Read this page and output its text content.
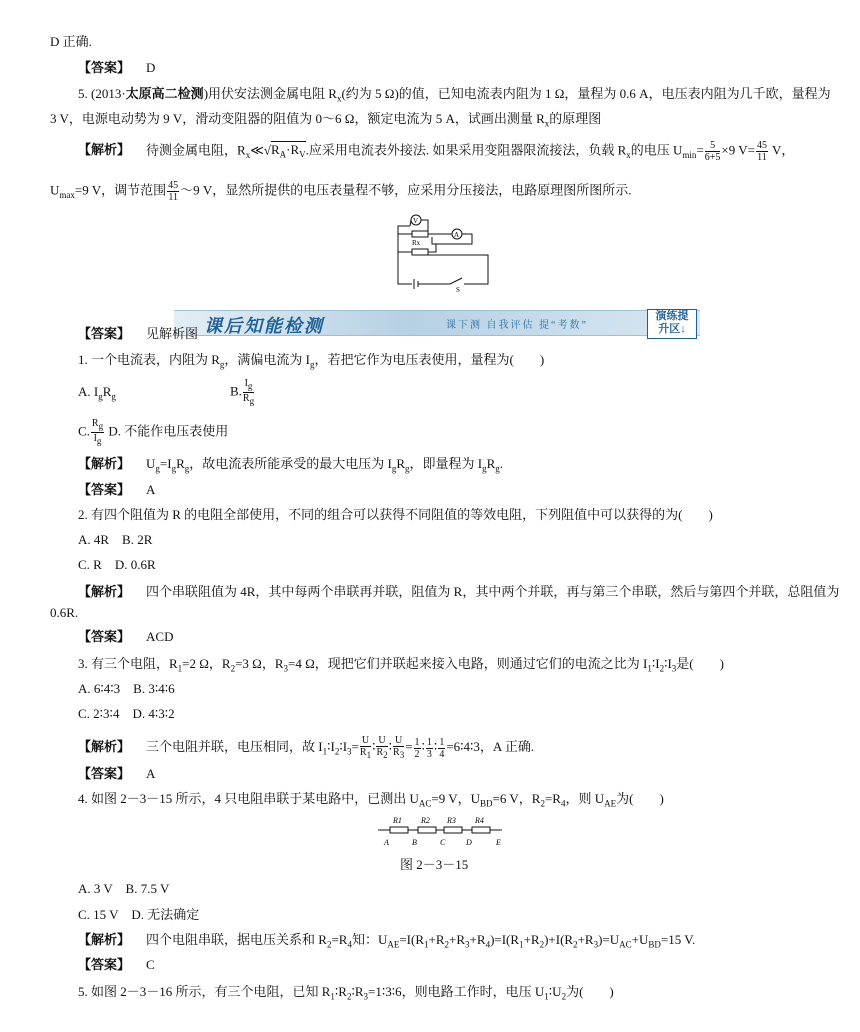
D 正确.
【答案】 D
5. (2013·太原高二检测)用伏安法测金属电阻 $R_x$(约为 5 Ω)的值，已知电流表内阻为 1 Ω，量程为 0.6 A，电压表内阻为几千欧，量程为
3 V，电源电动势为 9 V，滑动变阻器的阻值为 0～6 Ω，额定电流为 5 A，试画出测量 $R_x$的原理图
【解析】 待测金属电阻，$R_x≪√R_A\cdot R_V$.应采用电流表外接法. 如果采用变阻器限流接法，负载 $R_x$的电压 $U_{min}= \frac{5}{6+5} \times 9$ $V= \frac{45}{11}$ V，
$U_{max}=9$ V，调节范围 $\frac{45}{11}$ ～9 V，显然所提供的电压表量程不够，应采用分压接法，电路原理图所图所示.
V
A
Rx
S
课后知能检测	课下测 自我评估 提“考数”
演练提
升区↓
【答案】 见解析图
1. 一个电流表，内阻为 $R_g$，满偏电流为 $I_g$，若把它作为电压表使用，量程为(　　)
A. $I_gR_g$	B. $\frac{I_g}{R_g}$
C. $\frac{R_g}{I_g} D$. 不能作电压表使用
【解析】 $U_g=I_gR_g$，故电流表所能承受的最大电压为 $I_gR_g$，即量程为 $I_gR_g$.
【答案】 A
2. 有四个阻值为 R 的电阻全部使用，不同的组合可以获得不同阻值的等效电阻，下列阻值中可以获得的为(　　)
A. 4R　B. 2R
C. R　D. 0.6R
【解析】 四个串联阻值为 4R，其中每两个串联再并联，阻值为 R，其中两个并联，再与第三个串联，然后与第四个并联，总阻值为
0.6R.
【答案】 ACD
3. 有三个电阻，$R_1=2$ Ω，$R_2=3$ Ω，$R_3=4$ Ω，现把它们并联起来接入电路，则通过它们的电流之比为 $I_1∶I_2∶I_3$是(　　)
A. 6∶4∶3　B. 3∶4∶6
C. 2∶3∶4　D. 4∶3∶2
【解析】 三个电阻并联，电压相同，故 $I_1∶I_2∶I_3= \frac{U}{R_1}$ ∶ $\frac{U}{R_2}$ ∶ $\frac{U}{R_3} = \frac{1}{2}$ ∶ $\frac{1}{3}$ ∶ $\frac{1}{4}$ =6∶4∶3，A 正确.
【答案】 A
4. 如图 2－3－15 所示，4 只电阻串联于某电路中，已测出 $U_{AC}=9$ V，$U_{BD}=6$ V，$R_2=R_4$，则 $U_{AE}$为(　　)
R1 R2 R3 R4
A	B	C	D	E
图 2－3－15
A. 3 V　B. 7.5 V
C. 15 V　D. 无法确定
【解析】 四个电阻串联，据电压关系和 $R_2=R_4$知：$U_{AE}=I(R_1+R_2+R_3+R_4)=I(R_1+R_2)+I(R_2+R_3)=U_{AC}+U_{BD}=15$ V.
【答案】 C
5. 如图 2－3－16 所示，有三个电阻，已知 $R_1∶R_2∶R_3=1∶3∶6$，则电路工作时，电压 $U_1∶U_2$为(　　)
